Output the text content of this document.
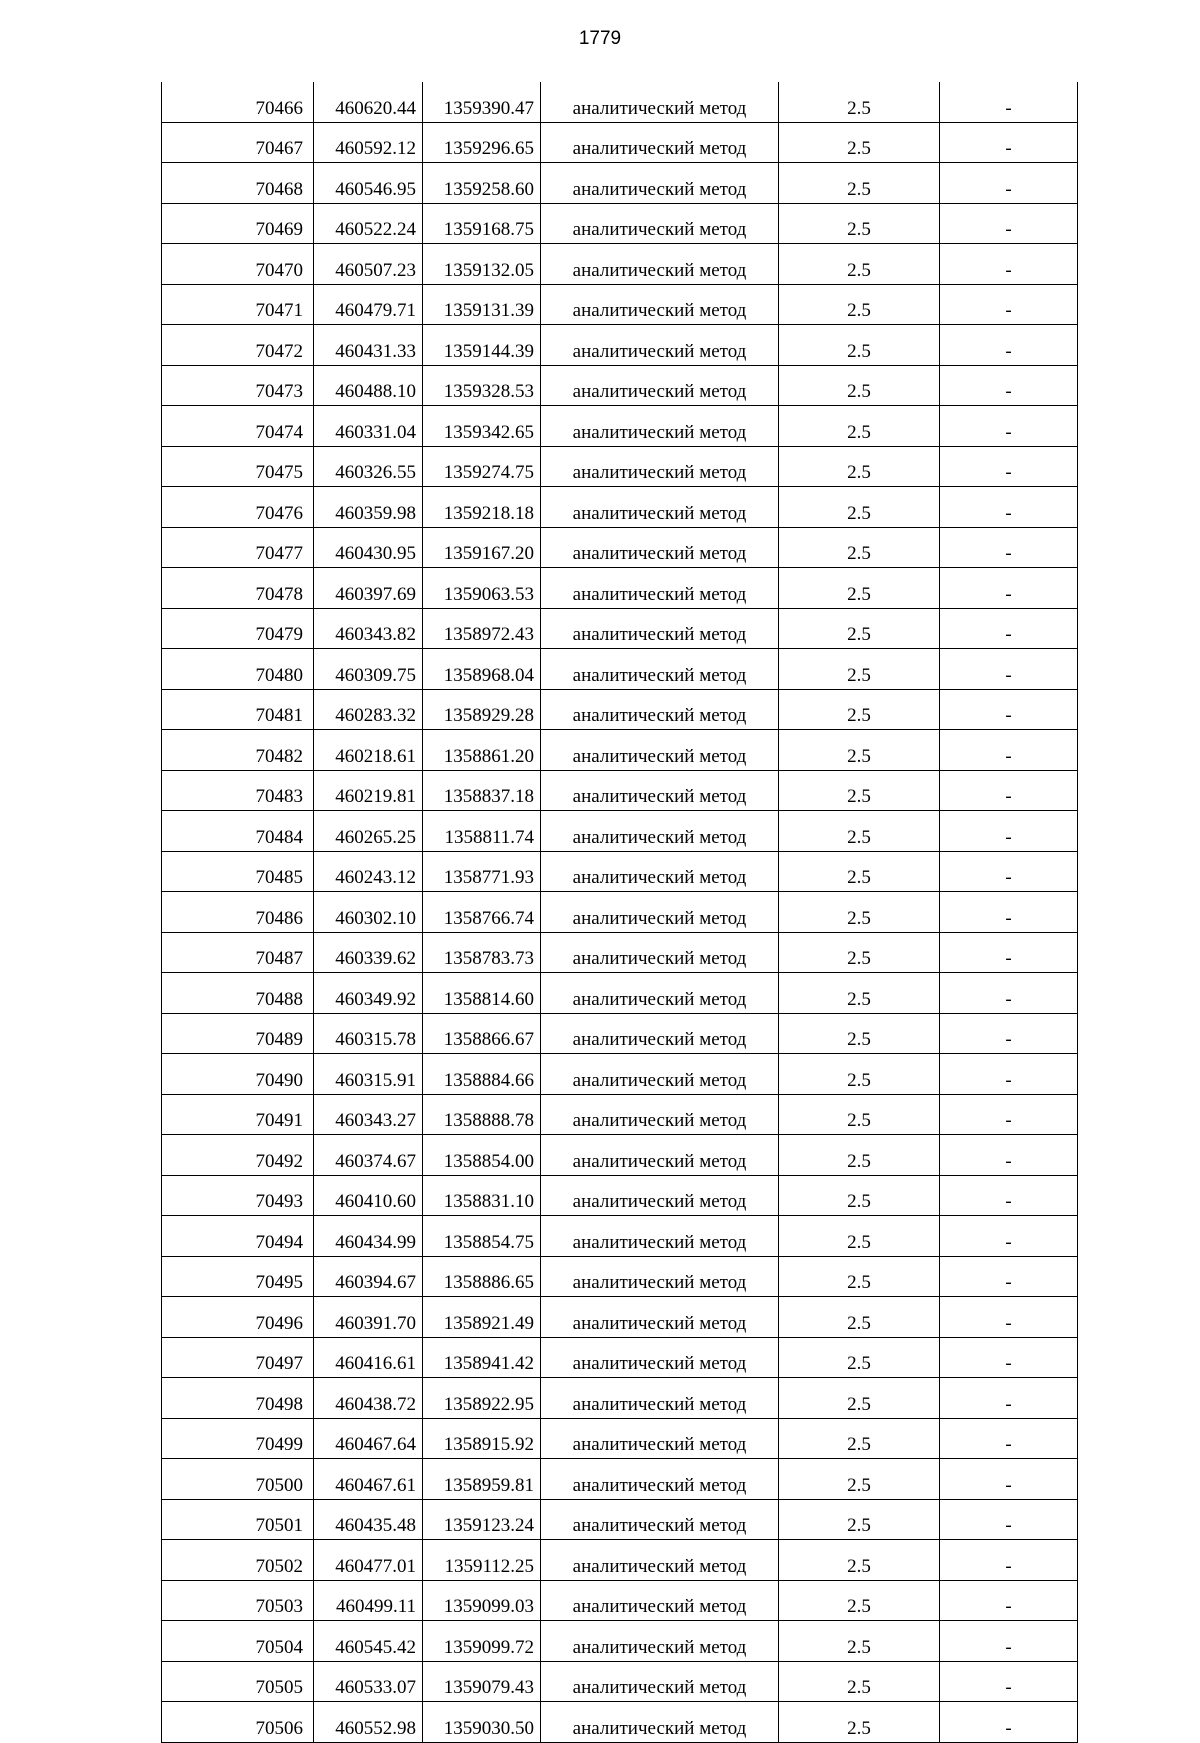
1779
70466	460620.44	1359390.47	аналитический метод	2.5	-
70467	460592.12	1359296.65	аналитический метод	2.5	-
70468	460546.95	1359258.60	аналитический метод	2.5	-
70469	460522.24	1359168.75	аналитический метод	2.5	-
70470	460507.23	1359132.05	аналитический метод	2.5	-
70471	460479.71	1359131.39	аналитический метод	2.5	-
70472	460431.33	1359144.39	аналитический метод	2.5	-
70473	460488.10	1359328.53	аналитический метод	2.5	-
70474	460331.04	1359342.65	аналитический метод	2.5	-
70475	460326.55	1359274.75	аналитический метод	2.5	-
70476	460359.98	1359218.18	аналитический метод	2.5	-
70477	460430.95	1359167.20	аналитический метод	2.5	-
70478	460397.69	1359063.53	аналитический метод	2.5	-
70479	460343.82	1358972.43	аналитический метод	2.5	-
70480	460309.75	1358968.04	аналитический метод	2.5	-
70481	460283.32	1358929.28	аналитический метод	2.5	-
70482	460218.61	1358861.20	аналитический метод	2.5	-
70483	460219.81	1358837.18	аналитический метод	2.5	-
70484	460265.25	1358811.74	аналитический метод	2.5	-
70485	460243.12	1358771.93	аналитический метод	2.5	-
70486	460302.10	1358766.74	аналитический метод	2.5	-
70487	460339.62	1358783.73	аналитический метод	2.5	-
70488	460349.92	1358814.60	аналитический метод	2.5	-
70489	460315.78	1358866.67	аналитический метод	2.5	-
70490	460315.91	1358884.66	аналитический метод	2.5	-
70491	460343.27	1358888.78	аналитический метод	2.5	-
70492	460374.67	1358854.00	аналитический метод	2.5	-
70493	460410.60	1358831.10	аналитический метод	2.5	-
70494	460434.99	1358854.75	аналитический метод	2.5	-
70495	460394.67	1358886.65	аналитический метод	2.5	-
70496	460391.70	1358921.49	аналитический метод	2.5	-
70497	460416.61	1358941.42	аналитический метод	2.5	-
70498	460438.72	1358922.95	аналитический метод	2.5	-
70499	460467.64	1358915.92	аналитический метод	2.5	-
70500	460467.61	1358959.81	аналитический метод	2.5	-
70501	460435.48	1359123.24	аналитический метод	2.5	-
70502	460477.01	1359112.25	аналитический метод	2.5	-
70503	460499.11	1359099.03	аналитический метод	2.5	-
70504	460545.42	1359099.72	аналитический метод	2.5	-
70505	460533.07	1359079.43	аналитический метод	2.5	-
70506	460552.98	1359030.50	аналитический метод	2.5	-
